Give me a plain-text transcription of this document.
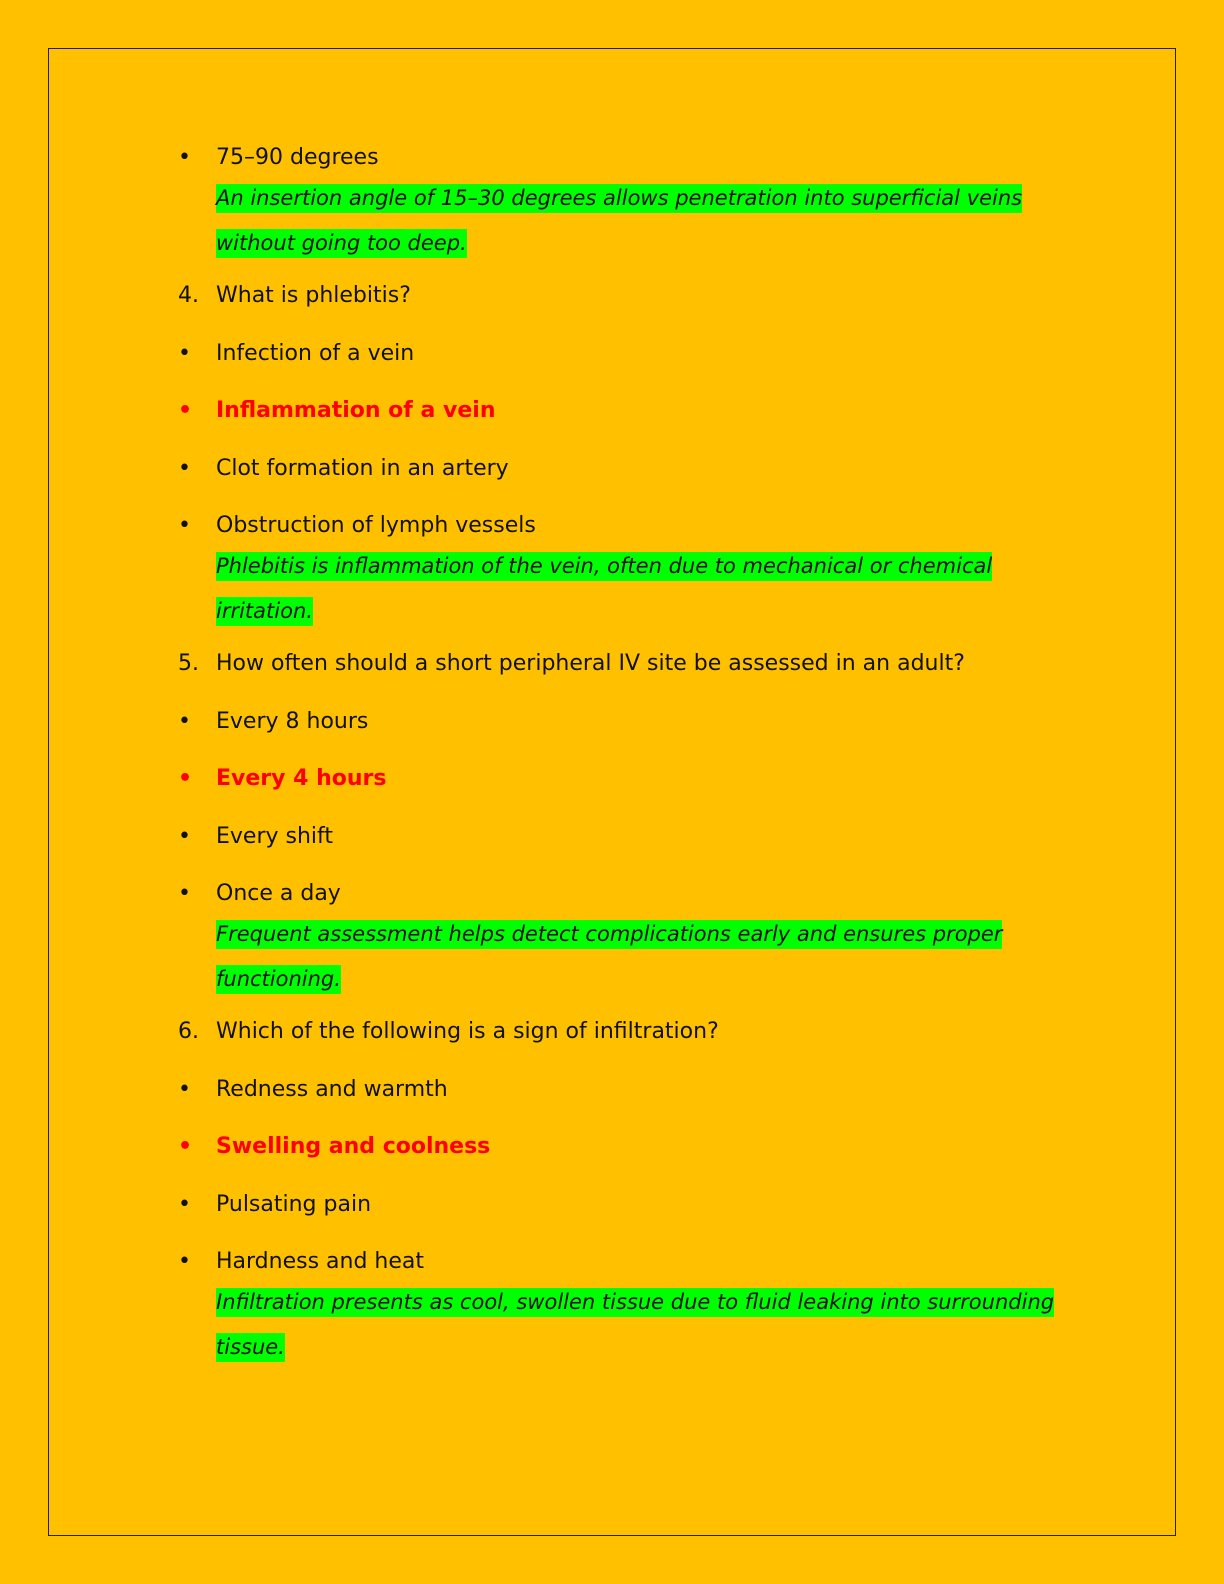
•	75–90 degrees
An insertion angle of 15–30 degrees allows penetration into superficial veins without going too deep.
4. What is phlebitis?
•	Infection of a vein
• Inflammation of a vein
•	Clot formation in an artery
•	Obstruction of lymph vessels
Phlebitis is inflammation of the vein, often due to mechanical or chemical irritation.
5. How often should a short peripheral IV site be assessed in an adult?
•	Every 8 hours
• Every 4 hours
•	Every shift
•	Once a day
Frequent assessment helps detect complications early and ensures proper functioning.
6. Which of the following is a sign of infiltration?
•	Redness and warmth
• Swelling and coolness
•	Pulsating pain
•	Hardness and heat
Infiltration presents as cool, swollen tissue due to fluid leaking into surrounding tissue.
